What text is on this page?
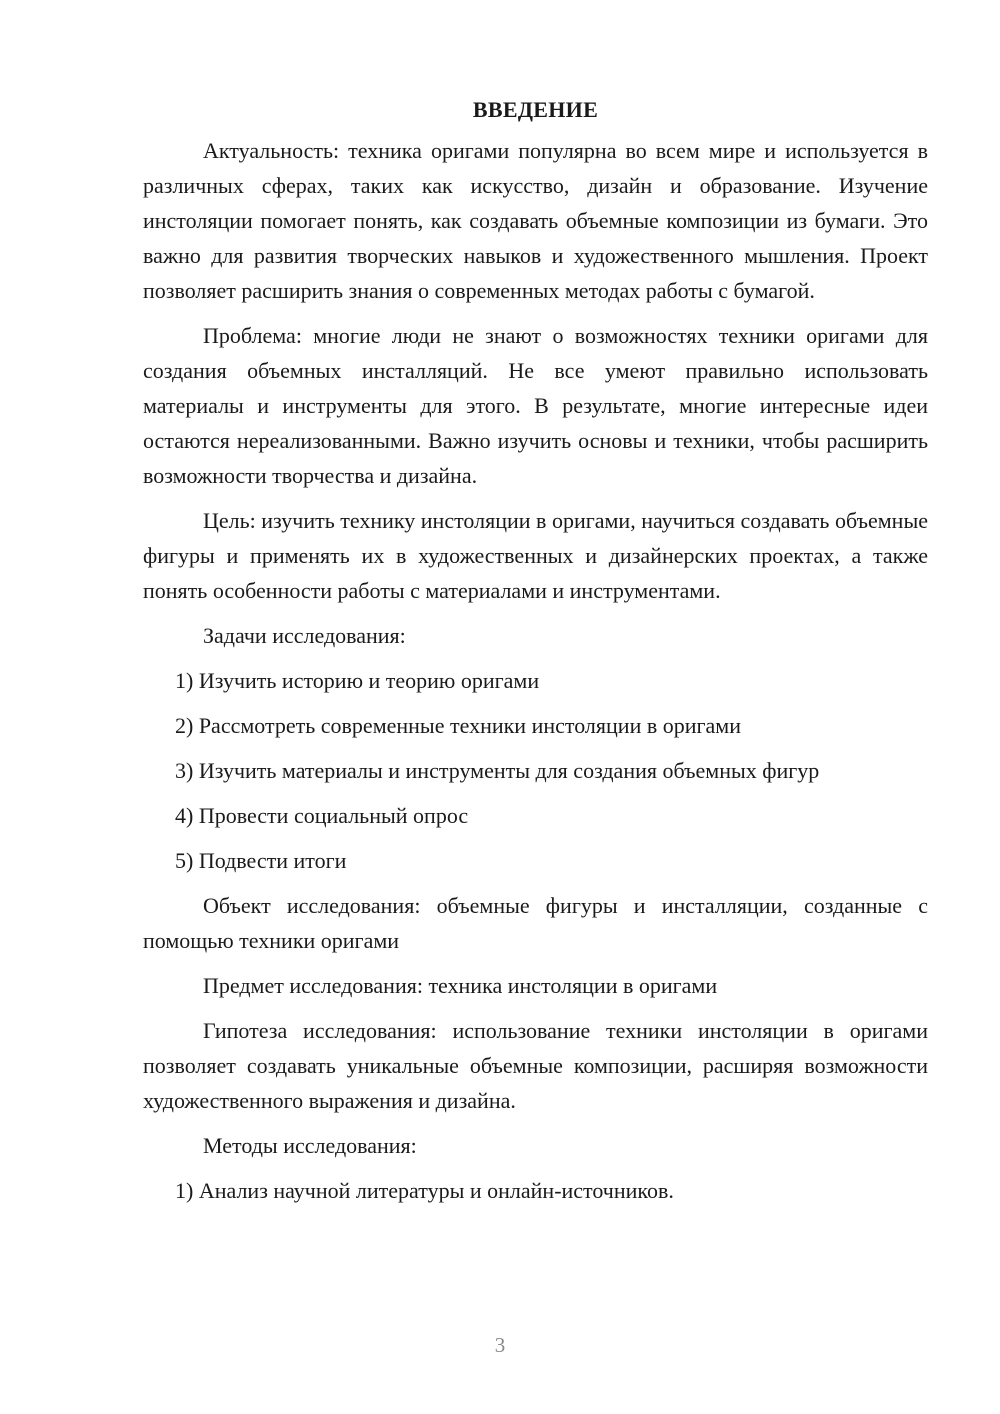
ВВЕДЕНИЕ

Актуальность: техника оригами популярна во всем мире и используется в различных сферах, таких как искусство, дизайн и образование. Изучение инстоляции помогает понять, как создавать объемные композиции из бумаги. Это важно для развития творческих навыков и художественного мышления. Проект позволяет расширить знания о современных методах работы с бумагой.

Проблема: многие люди не знают о возможностях техники оригами для создания объемных инсталляций. Не все умеют правильно использовать материалы и инструменты для этого. В результате, многие интересные идеи остаются нереализованными. Важно изучить основы и техники, чтобы расширить возможности творчества и дизайна.

Цель: изучить технику инстоляции в оригами, научиться создавать объемные фигуры и применять их в художественных и дизайнерских проектах, а также понять особенности работы с материалами и инструментами.

Задачи исследования:

1) Изучить историю и теорию оригами

2) Рассмотреть современные техники инстоляции в оригами

3) Изучить материалы и инструменты для создания объемных фигур

4) Провести социальный опрос

5) Подвести итоги

Объект исследования: объемные фигуры и инсталляции, созданные с помощью техники оригами

Предмет исследования: техника инстоляции в оригами

Гипотеза исследования: использование техники инстоляции в оригами позволяет создавать уникальные объемные композиции, расширяя возможности художественного выражения и дизайна.

Методы исследования:

1) Анализ научной литературы и онлайн-источников.

3
